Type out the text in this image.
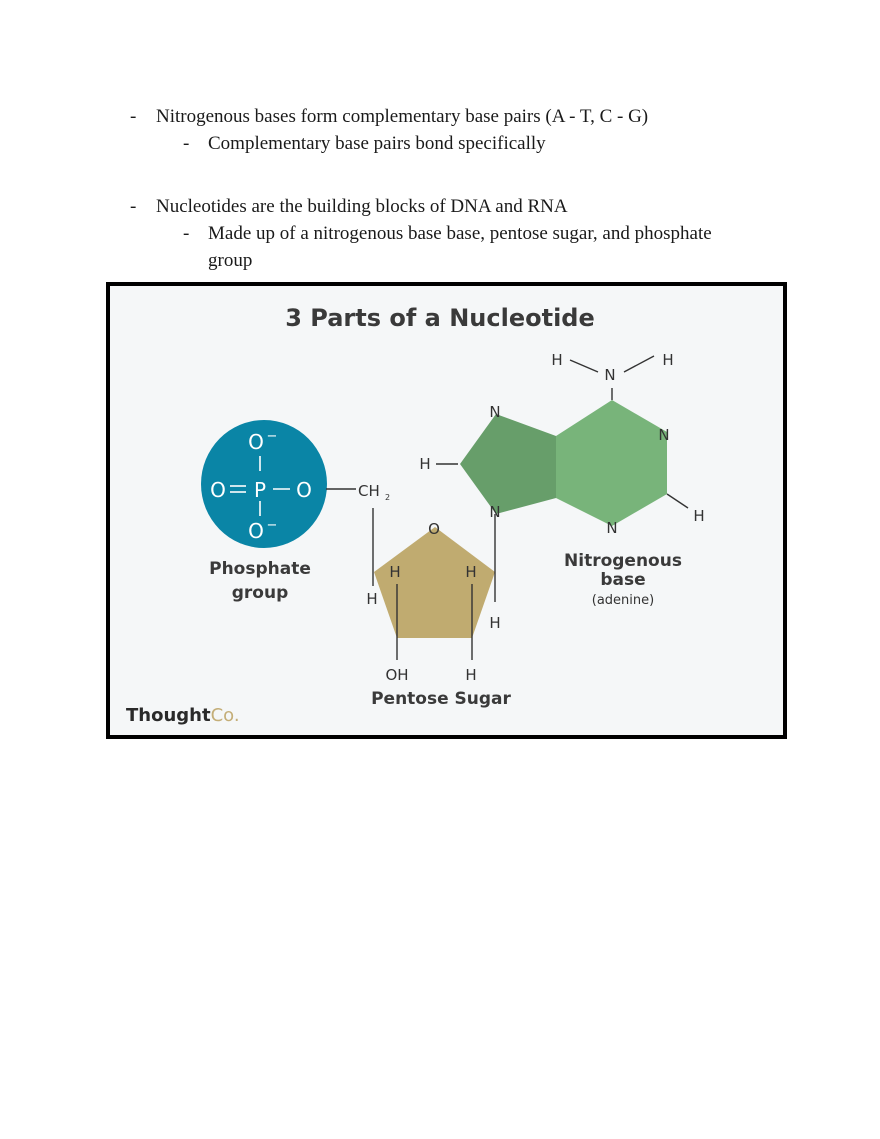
-	Nitrogenous bases form complementary base pairs (A - T, C - G)
- Complementary base pairs bond specifically
-	Nucleotides are the building blocks of DNA and RNA
- Made up of a nitrogenous base base, pentose sugar, and phosphate
group
3 Parts of a Nucleotide
O −
O P O
O −
Phosphate
group
CH 2
O
H
H
OH
H
H
H
Pentose Sugar
N
N
N
N
H
H
N
H	H
Nitrogenous
base
(adenine)
ThoughtCo.
